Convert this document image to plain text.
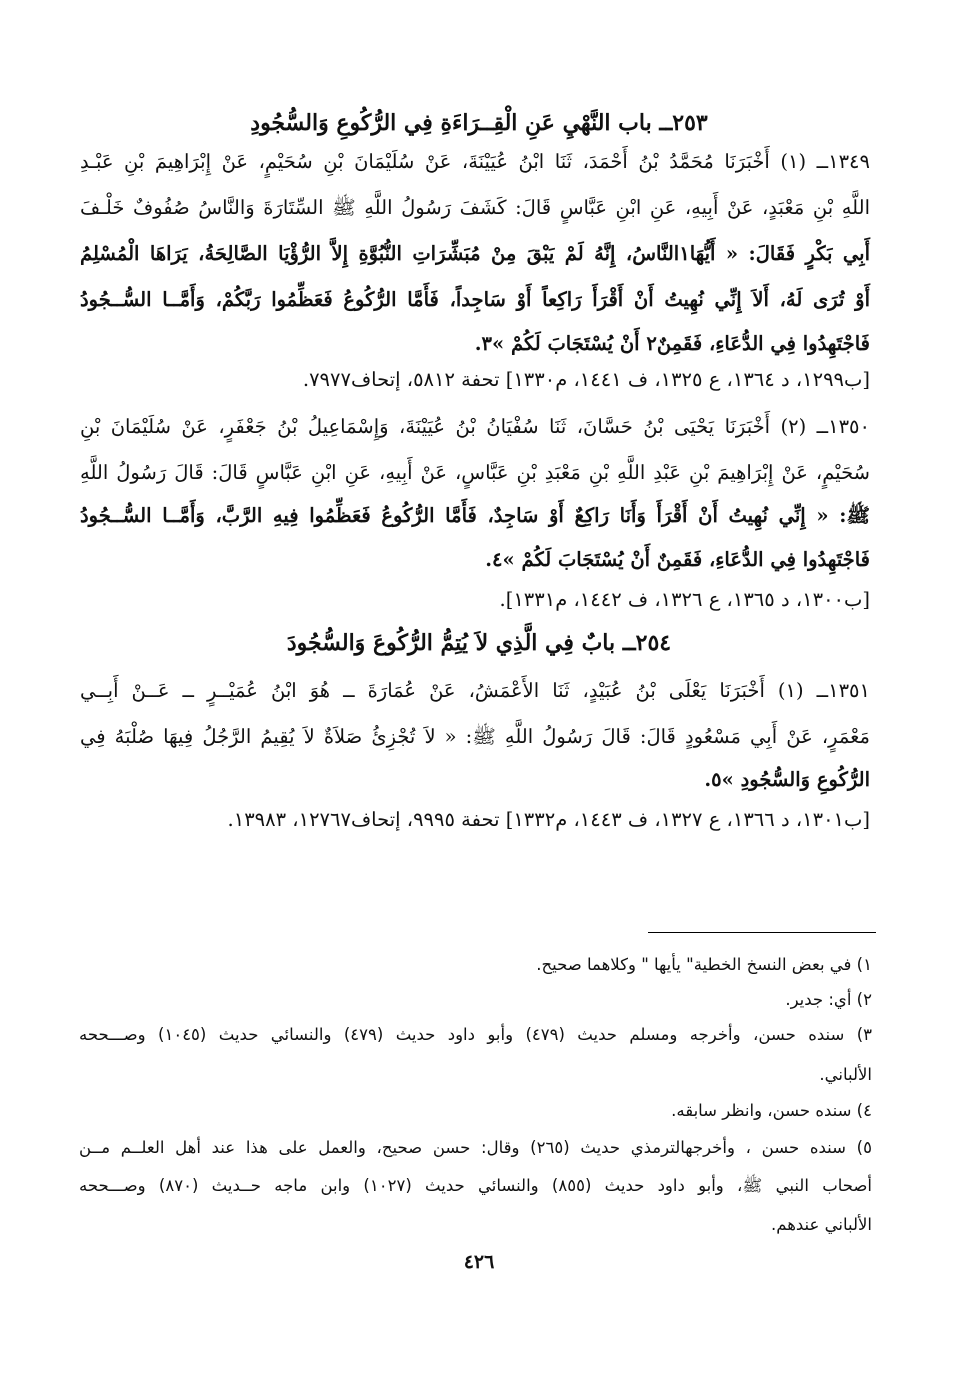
٢٥٣ــ باب النَّهْيِ عَنِ الْقِــرَاءَةِ فِي الرُّكُوعِ وَالسُّجُودِ
١٣٤٩ــ (١) أَخْبَرَنَا مُحَمَّدُ بْنُ أَحْمَدَ، ثَنَا ابْنُ عُيَيْنَةَ، عَنْ سُلَيْمَانَ بْنِ سُحَيْمٍ، عَنْ إِبْرَاهِيمَ بْنِ عَبْـدِ
اللَّهِ بْنِ مَعْبَدٍ، عَنْ أَبِيهِ، عَنِ ابْنِ عَبَّاسٍ قَالَ: كَشَفَ رَسُولُ اللَّهِ ﷺ السِّتَارَةَ وَالنَّاسُ صُفُوفٌ خَلْـفَ
أَبِي بَكْرٍ فَقَالَ: « أَيُّهَا١النَّاسُ، إِنَّهُ لَمْ يَبْقَ مِنْ مُبَشِّرَاتِ النُّبُوَّةِ إِلاَّ الرُّؤْيَا الصَّالِحَةُ، يَرَاهَا الْمُسْلِمُ
أَوْ تُرَى لَهُ، أَلاَ إِنِّي نُهِيتُ أَنْ أَقْرَأَ رَاكِعاً أَوْ سَاجِداً، فَأَمَّا الرُّكُوعُ فَعَظِّمُوا رَبَّكُمْ، وَأَمَّــا السُّــجُودُ
فَاجْتَهِدُوا فِي الدُّعَاءِ، فَقَمِنٌ٢ أَنْ يُسْتَجَابَ لَكُمْ »٣.
[ب١٢٩٩، د ١٣٦٤، ع ١٣٢٥، ف ١٤٤١، م١٣٣٠] تحفة ٥٨١٢، إتحاف٧٩٧٧.
١٣٥٠ــ (٢) أَخْبَرَنَا يَحْيَى بْنُ حَسَّانَ، ثَنَا سُفْيَانُ بْنُ عُيَيْنَةَ، وَإِسْمَاعِيلُ بْنُ جَعْفَرٍ، عَنْ سُلَيْمَانَ بْنِ
سُحَيْمٍ، عَنْ إِبْرَاهِيمَ بْنِ عَبْدِ اللَّهِ بْنِ مَعْبَدِ بْنِ عَبَّاسٍ، عَنْ أَبِيهِ، عَنِ ابْنِ عَبَّاسٍ قَالَ: قَالَ رَسُولُ اللَّهِ
ﷺ: « إِنِّي نُهِيتُ أَنْ أَقْرَأَ وَأَنَا رَاكِعٌ أَوْ سَاجِدٌ، فَأَمَّا الرُّكُوعُ فَعَظِّمُوا فِيهِ الرَّبَّ، وَأَمَّــا السُّــجُودُ
فَاجْتَهِدُوا فِي الدُّعَاءِ، فَقَمِنٌ أَنْ يُسْتَجَابَ لَكُمْ »٤.
[ب١٣٠٠، د ١٣٦٥، ع ١٣٢٦، ف ١٤٤٢، م١٣٣١].
٢٥٤ــ بابٌ فِي الَّذِي لاَ يُتِمُّ الرُّكُوعَ وَالسُّجُودَ
١٣٥١ــ (١) أَخْبَرَنَا يَعْلَى بْنُ عُبَيْدٍ، ثَنَا الأَعْمَشُ، عَنْ عُمَارَةَ ــ هُوَ ابْنُ عُمَيْــرٍ ــ عَــنْ أَبِــي
مَعْمَرٍ، عَنْ أَبِي مَسْعُودٍ قَالَ: قَالَ رَسُولُ اللَّهِ ﷺ: « لاَ تُجْزِئُ صَلاَةٌ لاَ يُقِيمُ الرَّجُلُ فِيهَا صُلْبَهُ فِي
الرُّكُوعِ وَالسُّجُودِ »٥.
[ب١٣٠١، د ١٣٦٦، ع ١٣٢٧، ف ١٤٤٣، م١٣٣٢] تحفة ٩٩٩٥، إتحاف١٢٧٦٧، ١٣٩٨٣.
١) في بعض النسخ الخطية" يأيها " وكلاهما صحيح.
٢) أي: جدير.
٣) سنده حسن، وأخرجه ومسلم حديث (٤٧٩) وأبو داود حديث (٤٧٩) والنسائي حديث (١٠٤٥) وصـــححه
الألباني.
٤) سنده حسن، وانظر سابقه.
٥) سنده حسن ، وأخرجهالترمذي حديث (٢٦٥) وقال: حسن صحيح، والعمل على هذا عند أهل العلــم مــن
أصحاب النبي ﷺ، وأبو داود حديث (٨٥٥) والنسائي حديث (١٠٢٧) وابن ماجه حــديث (٨٧٠) وصـــححه
الألباني عندهم.
٤٢٦
